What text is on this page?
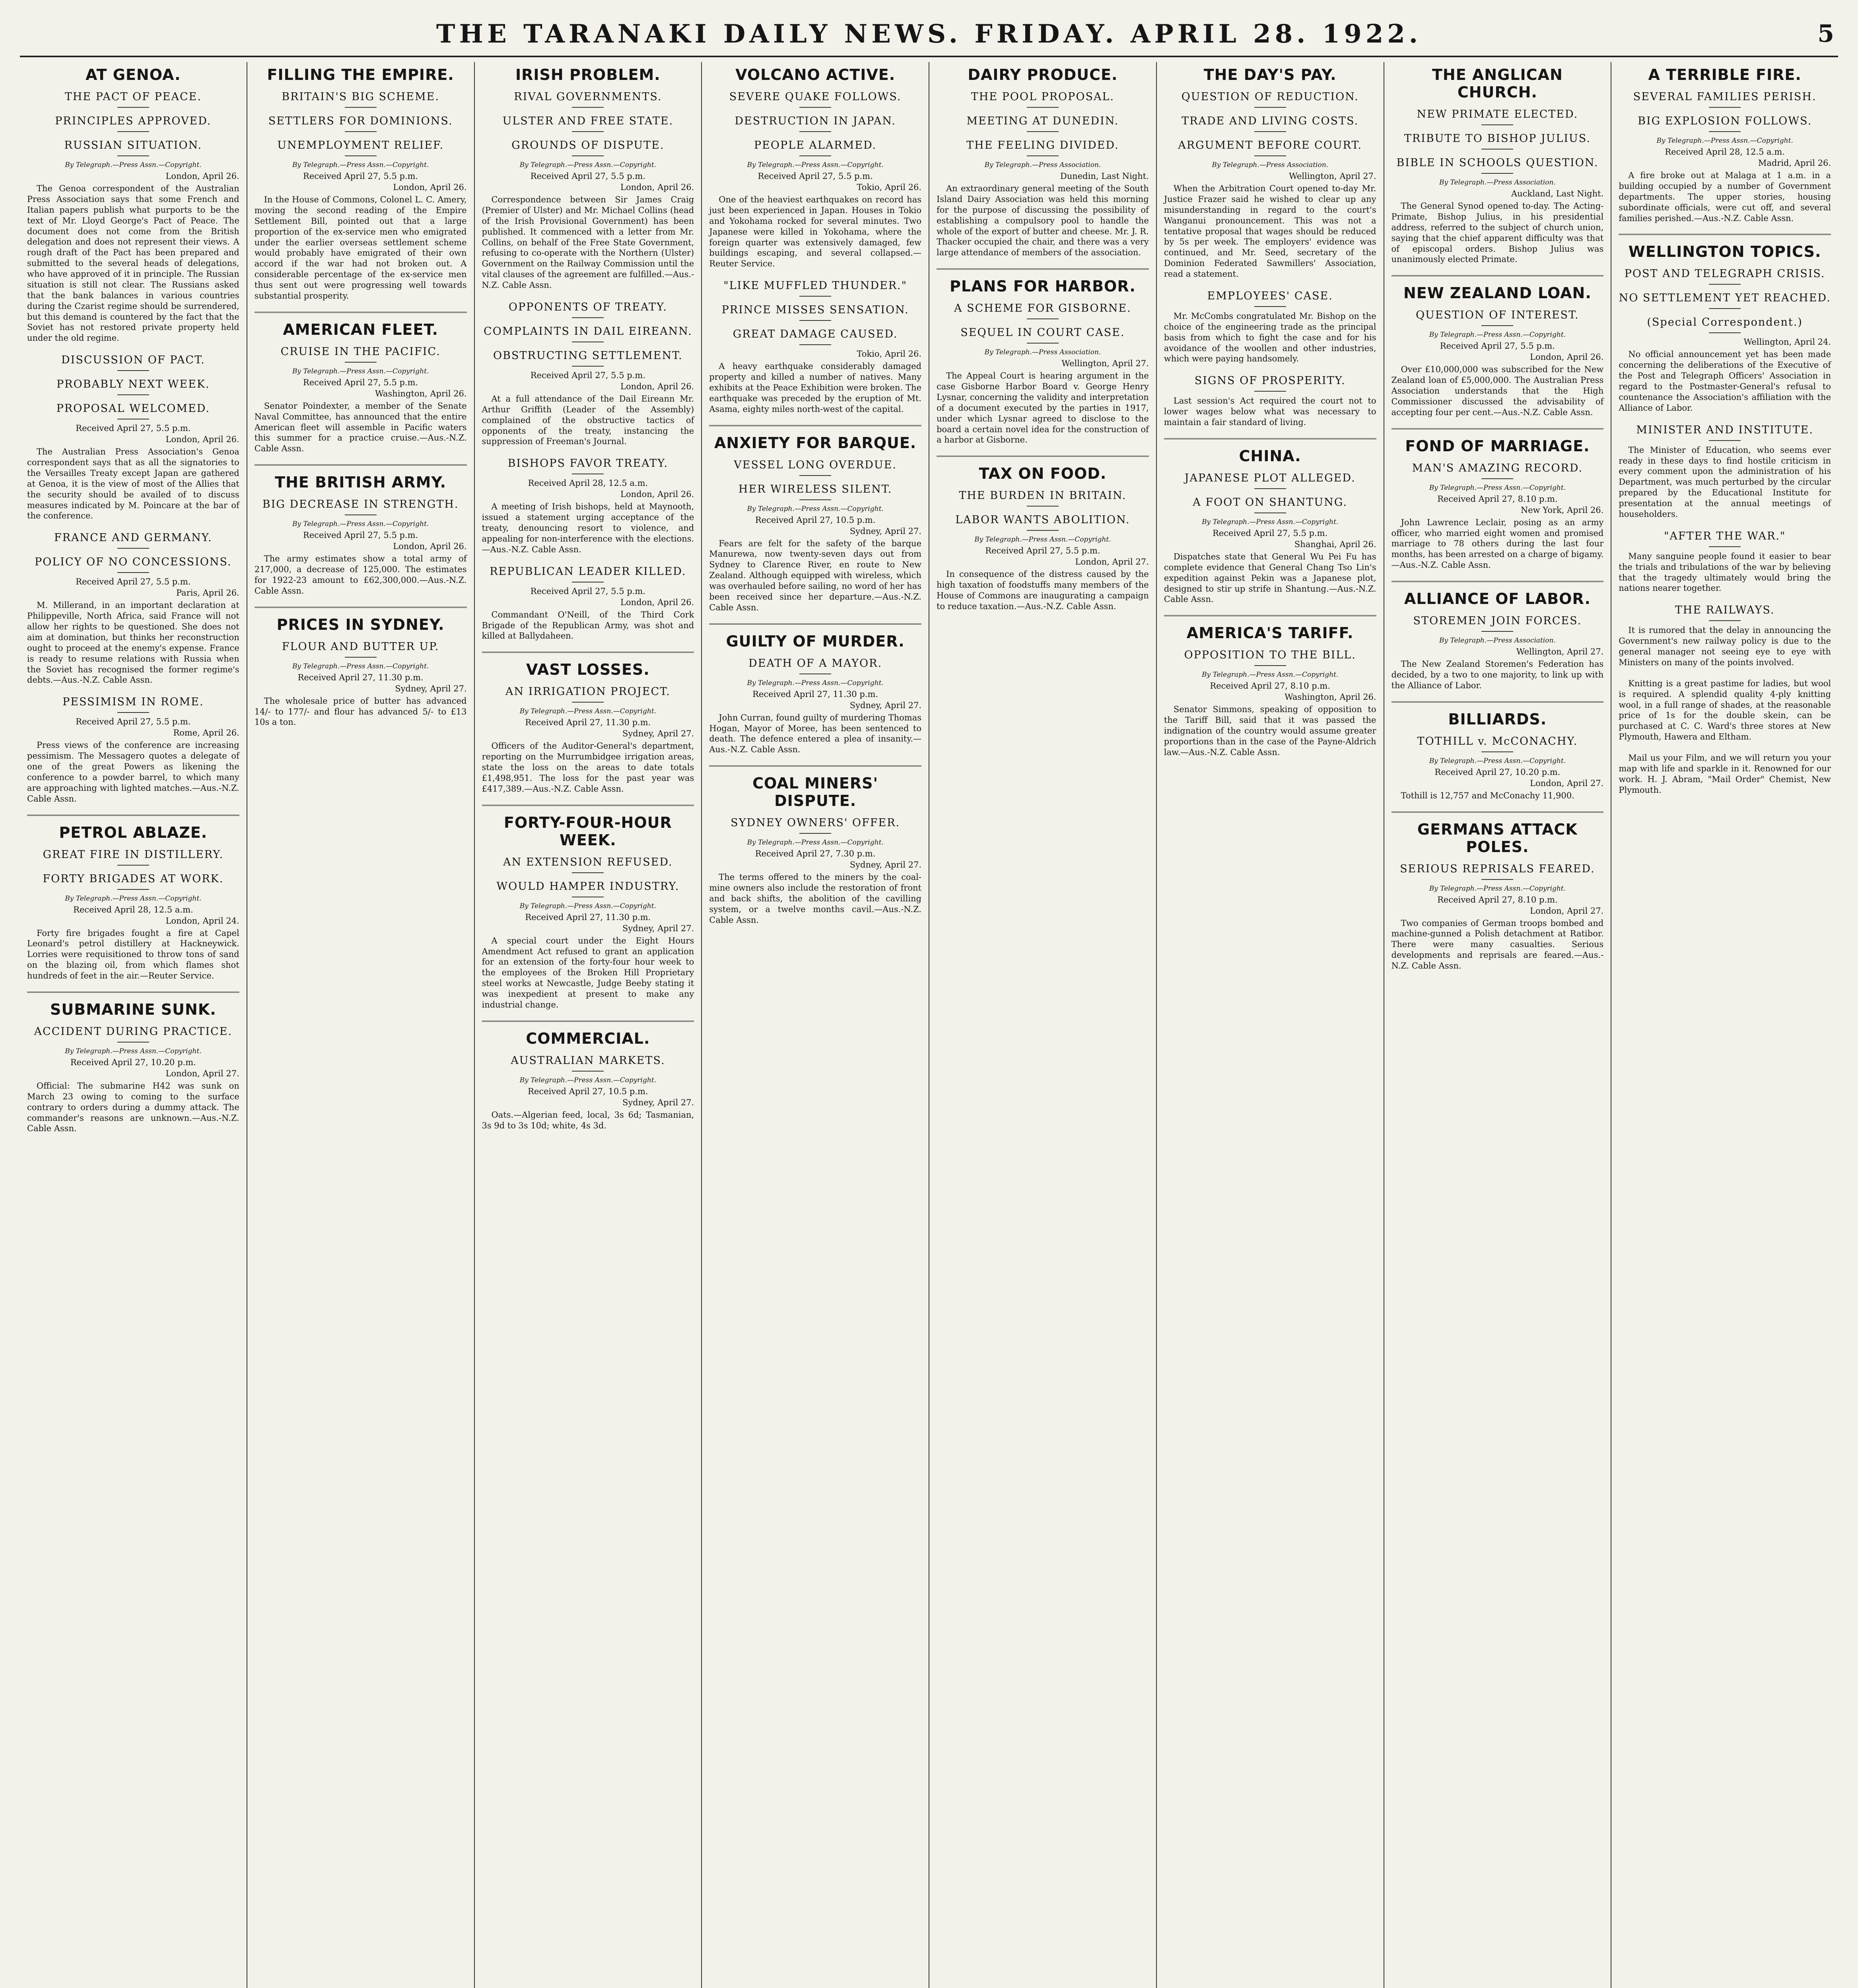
THE TARANAKI DAILY NEWS. FRIDAY. APRIL 28. 1922.	5
AT GENOA.
THE PACT OF PEACE.
PRINCIPLES APPROVED.
RUSSIAN SITUATION.
By Telegraph.—Press Assn.—Copyright.
London, April 26.
The Genoa correspondent of the Australian Press Association says that some French and Italian papers publish what purports to be the text of Mr. Lloyd George's Pact of Peace. The document does not come from the British delegation and does not represent their views. A rough draft of the Pact has been prepared and submitted to the several heads of delegations, who have approved of it in principle. The Russian situation is still not clear. The Russians asked that the bank balances in various countries during the Czarist regime should be surrendered, but this demand is countered by the fact that the Soviet has not restored private property held under the old regime.
DISCUSSION OF PACT.
PROBABLY NEXT WEEK.
PROPOSAL WELCOMED.
Received April 27, 5.5 p.m.
London, April 26.
The Australian Press Association's Genoa correspondent says that as all the signatories to the Versailles Treaty except Japan are gathered at Genoa, it is the view of most of the Allies that the security should be availed of to discuss measures indicated by M. Poincare at the bar of the conference.
FRANCE AND GERMANY.
POLICY OF NO CONCESSIONS.
Received April 27, 5.5 p.m.
Paris, April 26.
M. Millerand, in an important declaration at Philippeville, North Africa, said France will not allow her rights to be questioned. She does not aim at domination, but thinks her reconstruction ought to proceed at the enemy's expense. France is ready to resume relations with Russia when the Soviet has recognised the former regime's debts.—Aus.-N.Z. Cable Assn.
PESSIMISM IN ROME.
Received April 27, 5.5 p.m.
Rome, April 26.
Press views of the conference are increasing pessimism. The Messagero quotes a delegate of one of the great Powers as likening the conference to a powder barrel, to which many are approaching with lighted matches.—Aus.-N.Z. Cable Assn.
PETROL ABLAZE.
GREAT FIRE IN DISTILLERY.
FORTY BRIGADES AT WORK.
By Telegraph.—Press Assn.—Copyright.
Received April 28, 12.5 a.m.
London, April 24.
Forty fire brigades fought a fire at Capel Leonard's petrol distillery at Hackneywick. Lorries were requisitioned to throw tons of sand on the blazing oil, from which flames shot hundreds of feet in the air.—Reuter Service.
SUBMARINE SUNK.
ACCIDENT DURING PRACTICE.
By Telegraph.—Press Assn.—Copyright.
Received April 27, 10.20 p.m.
London, April 27.
Official: The submarine H42 was sunk on March 23 owing to coming to the surface contrary to orders during a dummy attack. The commander's reasons are unknown.—Aus.-N.Z. Cable Assn.
FILLING THE EMPIRE.
BRITAIN'S BIG SCHEME.
SETTLERS FOR DOMINIONS.
UNEMPLOYMENT RELIEF.
By Telegraph.—Press Assn.—Copyright.
Received April 27, 5.5 p.m.
London, April 26.
In the House of Commons, Colonel L. C. Amery, moving the second reading of the Empire Settlement Bill, pointed out that a large proportion of the ex-service men who emigrated under the earlier overseas settlement scheme would probably have emigrated of their own accord if the war had not broken out. A considerable percentage of the ex-service men thus sent out were progressing well towards substantial prosperity.
AMERICAN FLEET.
CRUISE IN THE PACIFIC.
By Telegraph.—Press Assn.—Copyright.
Received April 27, 5.5 p.m.
Washington, April 26.
Senator Poindexter, a member of the Senate Naval Committee, has announced that the entire American fleet will assemble in Pacific waters this summer for a practice cruise.—Aus.-N.Z. Cable Assn.
THE BRITISH ARMY.
BIG DECREASE IN STRENGTH.
By Telegraph.—Press Assn.—Copyright.
Received April 27, 5.5 p.m.
London, April 26.
The army estimates show a total army of 217,000, a decrease of 125,000. The estimates for 1922-23 amount to £62,300,000.—Aus.-N.Z. Cable Assn.
PRICES IN SYDNEY.
FLOUR AND BUTTER UP.
By Telegraph.—Press Assn.—Copyright.
Received April 27, 11.30 p.m.
Sydney, April 27.
The wholesale price of butter has advanced 14/- to 177/- and flour has advanced 5/- to £13 10s a ton.
IRISH PROBLEM.
RIVAL GOVERNMENTS.
ULSTER AND FREE STATE.
GROUNDS OF DISPUTE.
By Telegraph.—Press Assn.—Copyright.
Received April 27, 5.5 p.m.
London, April 26.
Correspondence between Sir James Craig (Premier of Ulster) and Mr. Michael Collins (head of the Irish Provisional Government) has been published. It commenced with a letter from Mr. Collins, on behalf of the Free State Government, refusing to co-operate with the Northern (Ulster) Government on the Railway Commission until the vital clauses of the agreement are fulfilled.—Aus.-N.Z. Cable Assn.
OPPONENTS OF TREATY.
COMPLAINTS IN DAIL EIREANN.
OBSTRUCTING SETTLEMENT.
Received April 27, 5.5 p.m.
London, April 26.
At a full attendance of the Dail Eireann Mr. Arthur Griffith (Leader of the Assembly) complained of the obstructive tactics of opponents of the treaty, instancing the suppression of Freeman's Journal.
BISHOPS FAVOR TREATY.
Received April 28, 12.5 a.m.
London, April 26.
A meeting of Irish bishops, held at Maynooth, issued a statement urging acceptance of the treaty, denouncing resort to violence, and appealing for non-interference with the elections.—Aus.-N.Z. Cable Assn.
REPUBLICAN LEADER KILLED.
Received April 27, 5.5 p.m.
London, April 26.
Commandant O'Neill, of the Third Cork Brigade of the Republican Army, was shot and killed at Ballydaheen.
VAST LOSSES.
AN IRRIGATION PROJECT.
By Telegraph.—Press Assn.—Copyright.
Received April 27, 11.30 p.m.
Sydney, April 27.
Officers of the Auditor-General's department, reporting on the Murrumbidgee irrigation areas, state the loss on the areas to date totals £1,498,951. The loss for the past year was £417,389.—Aus.-N.Z. Cable Assn.
FORTY-FOUR-HOUR WEEK.
AN EXTENSION REFUSED.
WOULD HAMPER INDUSTRY.
By Telegraph.—Press Assn.—Copyright.
Received April 27, 11.30 p.m.
Sydney, April 27.
A special court under the Eight Hours Amendment Act refused to grant an application for an extension of the forty-four hour week to the employees of the Broken Hill Proprietary steel works at Newcastle, Judge Beeby stating it was inexpedient at present to make any industrial change.
COMMERCIAL.
AUSTRALIAN MARKETS.
By Telegraph.—Press Assn.—Copyright.
Received April 27, 10.5 p.m.
Sydney, April 27.
Oats.—Algerian feed, local, 3s 6d; Tasmanian, 3s 9d to 3s 10d; white, 4s 3d.
VOLCANO ACTIVE.
SEVERE QUAKE FOLLOWS.
DESTRUCTION IN JAPAN.
PEOPLE ALARMED.
By Telegraph.—Press Assn.—Copyright.
Received April 27, 5.5 p.m.
Tokio, April 26.
One of the heaviest earthquakes on record has just been experienced in Japan. Houses in Tokio and Yokohama rocked for several minutes. Two Japanese were killed in Yokohama, where the foreign quarter was extensively damaged, few buildings escaping, and several collapsed.—Reuter Service.
"LIKE MUFFLED THUNDER."
PRINCE MISSES SENSATION.
GREAT DAMAGE CAUSED.
Tokio, April 26.
A heavy earthquake considerably damaged property and killed a number of natives. Many exhibits at the Peace Exhibition were broken. The earthquake was preceded by the eruption of Mt. Asama, eighty miles north-west of the capital.
ANXIETY FOR BARQUE.
VESSEL LONG OVERDUE.
HER WIRELESS SILENT.
By Telegraph.—Press Assn.—Copyright.
Received April 27, 10.5 p.m.
Sydney, April 27.
Fears are felt for the safety of the barque Manurewa, now twenty-seven days out from Sydney to Clarence River, en route to New Zealand. Although equipped with wireless, which was overhauled before sailing, no word of her has been received since her departure.—Aus.-N.Z. Cable Assn.
GUILTY OF MURDER.
DEATH OF A MAYOR.
By Telegraph.—Press Assn.—Copyright.
Received April 27, 11.30 p.m.
Sydney, April 27.
John Curran, found guilty of murdering Thomas Hogan, Mayor of Moree, has been sentenced to death. The defence entered a plea of insanity.—Aus.-N.Z. Cable Assn.
COAL MINERS' DISPUTE.
SYDNEY OWNERS' OFFER.
By Telegraph.—Press Assn.—Copyright.
Received April 27, 7.30 p.m.
Sydney, April 27.
The terms offered to the miners by the coal-mine owners also include the restoration of front and back shifts, the abolition of the cavilling system, or a twelve months cavil.—Aus.-N.Z. Cable Assn.
DAIRY PRODUCE.
THE POOL PROPOSAL.
MEETING AT DUNEDIN.
THE FEELING DIVIDED.
By Telegraph.—Press Association.
Dunedin, Last Night.
An extraordinary general meeting of the South Island Dairy Association was held this morning for the purpose of discussing the possibility of establishing a compulsory pool to handle the whole of the export of butter and cheese. Mr. J. R. Thacker occupied the chair, and there was a very large attendance of members of the association.
PLANS FOR HARBOR.
A SCHEME FOR GISBORNE.
SEQUEL IN COURT CASE.
By Telegraph.—Press Association.
Wellington, April 27.
The Appeal Court is hearing argument in the case Gisborne Harbor Board v. George Henry Lysnar, concerning the validity and interpretation of a document executed by the parties in 1917, under which Lysnar agreed to disclose to the board a certain novel idea for the construction of a harbor at Gisborne.
TAX ON FOOD.
THE BURDEN IN BRITAIN.
LABOR WANTS ABOLITION.
By Telegraph.—Press Assn.—Copyright.
Received April 27, 5.5 p.m.
London, April 27.
In consequence of the distress caused by the high taxation of foodstuffs many members of the House of Commons are inaugurating a campaign to reduce taxation.—Aus.-N.Z. Cable Assn.
THE DAY'S PAY.
QUESTION OF REDUCTION.
TRADE AND LIVING COSTS.
ARGUMENT BEFORE COURT.
By Telegraph.—Press Association.
Wellington, April 27.
When the Arbitration Court opened to-day Mr. Justice Frazer said he wished to clear up any misunderstanding in regard to the court's Wanganui pronouncement. This was not a tentative proposal that wages should be reduced by 5s per week. The employers' evidence was continued, and Mr. Seed, secretary of the Dominion Federated Sawmillers' Association, read a statement.
EMPLOYEES' CASE.
Mr. McCombs congratulated Mr. Bishop on the choice of the engineering trade as the principal basis from which to fight the case and for his avoidance of the woollen and other industries, which were paying handsomely.
SIGNS OF PROSPERITY.
Last session's Act required the court not to lower wages below what was necessary to maintain a fair standard of living.
CHINA.
JAPANESE PLOT ALLEGED.
A FOOT ON SHANTUNG.
By Telegraph.—Press Assn.—Copyright.
Received April 27, 5.5 p.m.
Shanghai, April 26.
Dispatches state that General Wu Pei Fu has complete evidence that General Chang Tso Lin's expedition against Pekin was a Japanese plot, designed to stir up strife in Shantung.—Aus.-N.Z. Cable Assn.
AMERICA'S TARIFF.
OPPOSITION TO THE BILL.
By Telegraph.—Press Assn.—Copyright.
Received April 27, 8.10 p.m.
Washington, April 26.
Senator Simmons, speaking of opposition to the Tariff Bill, said that it was passed the indignation of the country would assume greater proportions than in the case of the Payne-Aldrich law.—Aus.-N.Z. Cable Assn.
THE ANGLICAN CHURCH.
NEW PRIMATE ELECTED.
TRIBUTE TO BISHOP JULIUS.
BIBLE IN SCHOOLS QUESTION.
By Telegraph.—Press Association.
Auckland, Last Night.
The General Synod opened to-day. The Acting-Primate, Bishop Julius, in his presidential address, referred to the subject of church union, saying that the chief apparent difficulty was that of episcopal orders. Bishop Julius was unanimously elected Primate.
NEW ZEALAND LOAN.
QUESTION OF INTEREST.
By Telegraph.—Press Assn.—Copyright.
Received April 27, 5.5 p.m.
London, April 26.
Over £10,000,000 was subscribed for the New Zealand loan of £5,000,000. The Australian Press Association understands that the High Commissioner discussed the advisability of accepting four per cent.—Aus.-N.Z. Cable Assn.
FOND OF MARRIAGE.
MAN'S AMAZING RECORD.
By Telegraph.—Press Assn.—Copyright.
Received April 27, 8.10 p.m.
New York, April 26.
John Lawrence Leclair, posing as an army officer, who married eight women and promised marriage to 78 others during the last four months, has been arrested on a charge of bigamy.—Aus.-N.Z. Cable Assn.
ALLIANCE OF LABOR.
STOREMEN JOIN FORCES.
By Telegraph.—Press Association.
Wellington, April 27.
The New Zealand Storemen's Federation has decided, by a two to one majority, to link up with the Alliance of Labor.
BILLIARDS.
TOTHILL v. McCONACHY.
By Telegraph.—Press Assn.—Copyright.
Received April 27, 10.20 p.m.
London, April 27.
Tothill is 12,757 and McConachy 11,900.
GERMANS ATTACK POLES.
SERIOUS REPRISALS FEARED.
By Telegraph.—Press Assn.—Copyright.
Received April 27, 8.10 p.m.
London, April 27.
Two companies of German troops bombed and machine-gunned a Polish detachment at Ratibor. There were many casualties. Serious developments and reprisals are feared.—Aus.-N.Z. Cable Assn.
A TERRIBLE FIRE.
SEVERAL FAMILIES PERISH.
BIG EXPLOSION FOLLOWS.
By Telegraph.—Press Assn.—Copyright.
Received April 28, 12.5 a.m.
Madrid, April 26.
A fire broke out at Malaga at 1 a.m. in a building occupied by a number of Government departments. The upper stories, housing subordinate officials, were cut off, and several families perished.—Aus.-N.Z. Cable Assn.
WELLINGTON TOPICS.
POST AND TELEGRAPH CRISIS.
NO SETTLEMENT YET REACHED.
(Special Correspondent.)
Wellington, April 24.
No official announcement yet has been made concerning the deliberations of the Executive of the Post and Telegraph Officers' Association in regard to the Postmaster-General's refusal to countenance the Association's affiliation with the Alliance of Labor.
MINISTER AND INSTITUTE.
The Minister of Education, who seems ever ready in these days to find hostile criticism in every comment upon the administration of his Department, was much perturbed by the circular prepared by the Educational Institute for presentation at the annual meetings of householders.
"AFTER THE WAR."
Many sanguine people found it easier to bear the trials and tribulations of the war by believing that the tragedy ultimately would bring the nations nearer together.
THE RAILWAYS.
It is rumored that the delay in announcing the Government's new railway policy is due to the general manager not seeing eye to eye with Ministers on many of the points involved.
Knitting is a great pastime for ladies, but wool is required. A splendid quality 4-ply knitting wool, in a full range of shades, at the reasonable price of 1s for the double skein, can be purchased at C. C. Ward's three stores at New Plymouth, Hawera and Eltham.
Mail us your Film, and we will return you your map with life and sparkle in it. Renowned for our work. H. J. Abram, "Mail Order" Chemist, New Plymouth.
